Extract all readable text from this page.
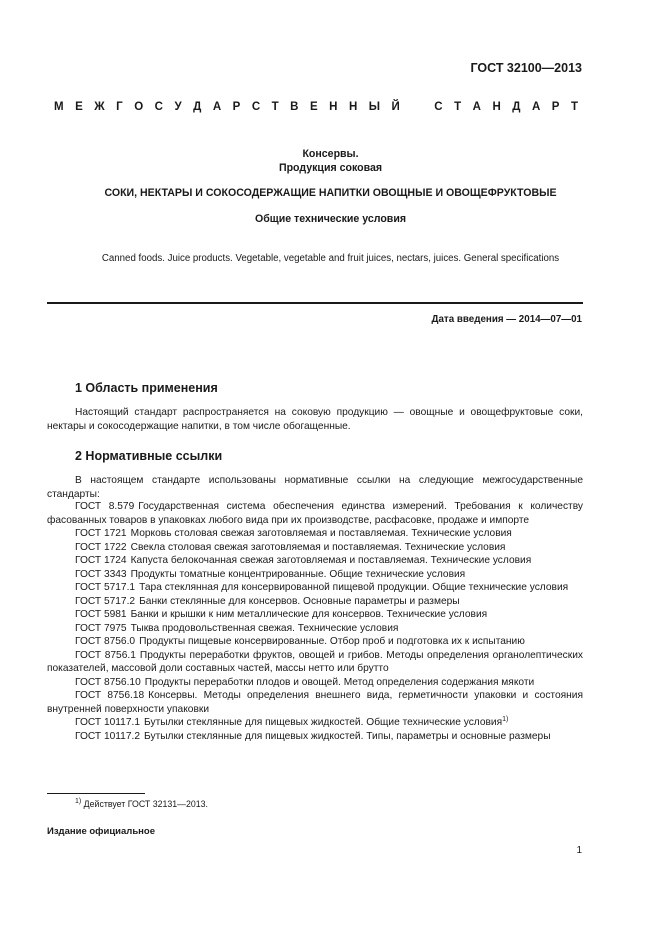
ГОСТ 32100—2013
М Е Ж Г О С У Д А Р С Т В Е Н Н Ы Й	С Т А Н Д А Р Т
Консервы.
Продукция соковая
СОКИ, НЕКТАРЫ И СОКОСОДЕРЖАЩИЕ НАПИТКИ ОВОЩНЫЕ И ОВОЩЕФРУКТОВЫЕ
Общие технические условия
Canned foods. Juice products. Vegetable, vegetable and fruit juices, nectars, juices. General specifications
Дата введения — 2014—07—01
1 Область применения
Настоящий стандарт распространяется на соковую продукцию — овощные и овощефруктовые соки, нектары и сокосодержащие напитки, в том числе обогащенные.
2 Нормативные ссылки
В настоящем стандарте использованы нормативные ссылки на следующие межгосударственные стандарты:
ГОСТ 8.579 Государственная система обеспечения единства измерений. Требования к количеству фасованных товаров в упаковках любого вида при их производстве, расфасовке, продаже и импорте
ГОСТ 1721 Морковь столовая свежая заготовляемая и поставляемая. Технические условия
ГОСТ 1722 Свекла столовая свежая заготовляемая и поставляемая. Технические условия
ГОСТ 1724 Капуста белокочанная свежая заготовляемая и поставляемая. Технические условия
ГОСТ 3343 Продукты томатные концентрированные. Общие технические условия
ГОСТ 5717.1 Тара стеклянная для консервированной пищевой продукции. Общие технические условия
ГОСТ 5717.2 Банки стеклянные для консервов. Основные параметры и размеры
ГОСТ 5981 Банки и крышки к ним металлические для консервов. Технические условия
ГОСТ 7975 Тыква продовольственная свежая. Технические условия
ГОСТ 8756.0 Продукты пищевые консервированные. Отбор проб и подготовка их к испытанию
ГОСТ 8756.1 Продукты переработки фруктов, овощей и грибов. Методы определения органолептических показателей, массовой доли составных частей, массы нетто или брутто
ГОСТ 8756.10 Продукты переработки плодов и овощей. Метод определения содержания мякоти
ГОСТ 8756.18 Консервы. Методы определения внешнего вида, герметичности упаковки и состояния внутренней поверхности упаковки
ГОСТ 10117.1 Бутылки стеклянные для пищевых жидкостей. Общие технические условия$^{1)}$
ГОСТ 10117.2 Бутылки стеклянные для пищевых жидкостей. Типы, параметры и основные размеры
$^{1)}$ Действует ГОСТ 32131—2013.
Издание официальное
1
